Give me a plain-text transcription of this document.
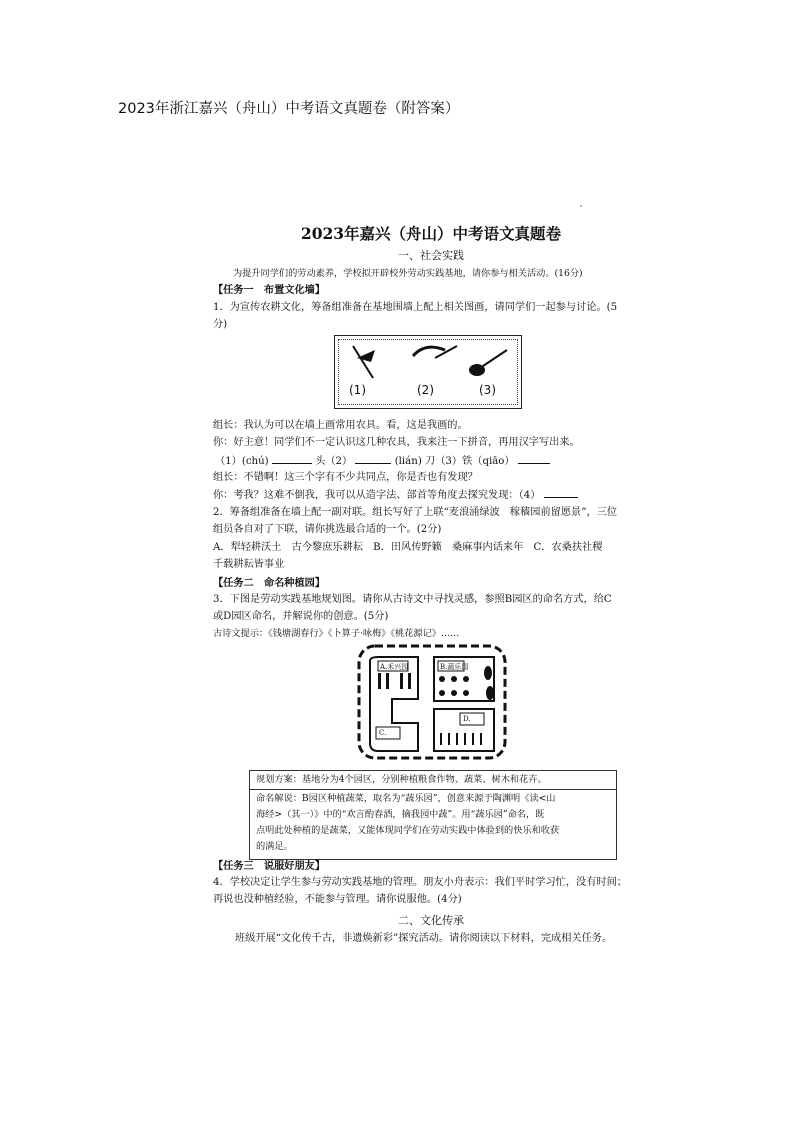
2023年浙江嘉兴（舟山）中考语文真题卷（附答案）
2023年嘉兴（舟山）中考语文真题卷
一、社会实践
为提升同学们的劳动素养，学校拟开辟校外劳动实践基地，请你参与相关活动。(16分)
【任务一　布置文化墙】
1．为宣传农耕文化，筹备组准备在基地围墙上配上相关图画，请同学们一起参与讨论。(5
分)
(1)	(2)	(3)
组长：我认为可以在墙上画常用农具。看，这是我画的。
你：好主意！同学们不一定认识这几种农具，我来注一下拼音，再用汉字写出来。
（1）(chú)	头（2）	(lián) 刀（3）铁（qiāo）
组长：不错啊！这三个字有不少共同点，你是否也有发现？
你：考我？这难不倒我，我可以从造字法、部首等角度去探究发现：（4）
2．筹备组准备在墙上配一副对联。组长写好了上联“麦浪涌绿波　稼穑园前留愿景”，三位
组员各自对了下联，请你挑选最合适的一个。(2分)
A．犁轻耕沃土　古今黎庶乐耕耘　B．田风传野籁　桑麻事内话来年　C．农桑扶社稷
千载耕耘皆事业
【任务二　命名种植园】
3．下图是劳动实践基地规划图。请你从古诗文中寻找灵感，参照B园区的命名方式，给C
或D园区命名，并解说你的创意。(5分)
古诗文提示：《钱塘湖春行》《卜算子·咏梅》《桃花源记》……
A.禾兴园	B.蔬乐园
C.
D.
规划方案：基地分为4个园区，分别种植粮食作物、蔬菜、树木和花卉。
命名解说：B园区种植蔬菜，取名为“蔬乐园”，创意来源于陶渊明《读<山
海经>（其一）》中的“欢言酌春酒，摘我园中蔬”。用“蔬乐园”命名，既
点明此处种植的是蔬菜，又能体现同学们在劳动实践中体验到的快乐和收获
的满足。
【任务三　说服好朋友】
4．学校决定让学生参与劳动实践基地的管理。朋友小舟表示：我们平时学习忙，没有时间；
再说也没种植经验，不能参与管理。请你说服他。(4分)
二、文化传承
班级开展“文化传千古，非遗焕新彩”探究活动。请你阅读以下材料，完成相关任务。
